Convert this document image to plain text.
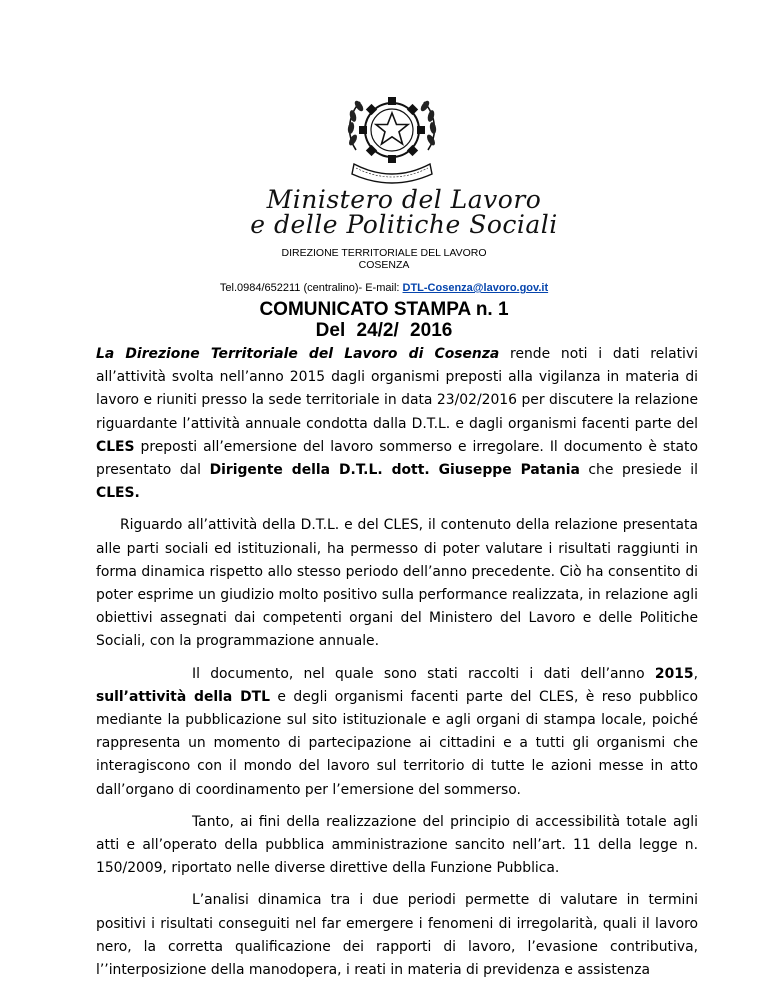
Ministero del Lavoro
e delle Politiche Sociali
DIREZIONE TERRITORIALE DEL LAVORO
COSENZA
Tel.0984/652211 (centralino)- E-mail: DTL-Cosenza@lavoro.gov.it
COMUNICATO STAMPA n. 1
Del 24/2/ 2016

La Direzione Territoriale del Lavoro di Cosenza rende noti i dati relativi all’attività svolta nell’anno 2015 dagli organismi preposti alla vigilanza in materia di lavoro e riuniti presso la sede territoriale in data 23/02/2016 per discutere la relazione riguardante l’attività annuale condotta dalla D.T.L. e dagli organismi facenti parte del CLES preposti all’emersione del lavoro sommerso e irregolare. Il documento è stato presentato dal Dirigente della D.T.L. dott. Giuseppe Patania che presiede il CLES.

Riguardo all’attività della D.T.L. e del CLES, il contenuto della relazione presentata alle parti sociali ed istituzionali, ha permesso di poter valutare i risultati raggiunti in forma dinamica rispetto allo stesso periodo dell’anno precedente. Ciò ha consentito di poter esprime un giudizio molto positivo sulla performance realizzata, in relazione agli obiettivi assegnati dai competenti organi del Ministero del Lavoro e delle Politiche Sociali, con la programmazione annuale.

Il documento, nel quale sono stati raccolti i dati dell’anno 2015, sull’attività della DTL e degli organismi facenti parte del CLES, è reso pubblico mediante la pubblicazione sul sito istituzionale e agli organi di stampa locale, poiché rappresenta un momento di partecipazione ai cittadini e a tutti gli organismi che interagiscono con il mondo del lavoro sul territorio di tutte le azioni messe in atto dall’organo di coordinamento per l’emersione del sommerso.

Tanto, ai fini della realizzazione del principio di accessibilità totale agli atti e all’operato della pubblica amministrazione sancito nell’art. 11 della legge n. 150/2009, riportato nelle diverse direttive della Funzione Pubblica.

L’analisi dinamica tra i due periodi permette di valutare in termini positivi i risultati conseguiti nel far emergere i fenomeni di irregolarità, quali il lavoro nero, la corretta qualificazione dei rapporti di lavoro, l’evasione contributiva, l’’interposizione della manodopera, i reati in materia di previdenza e assistenza
